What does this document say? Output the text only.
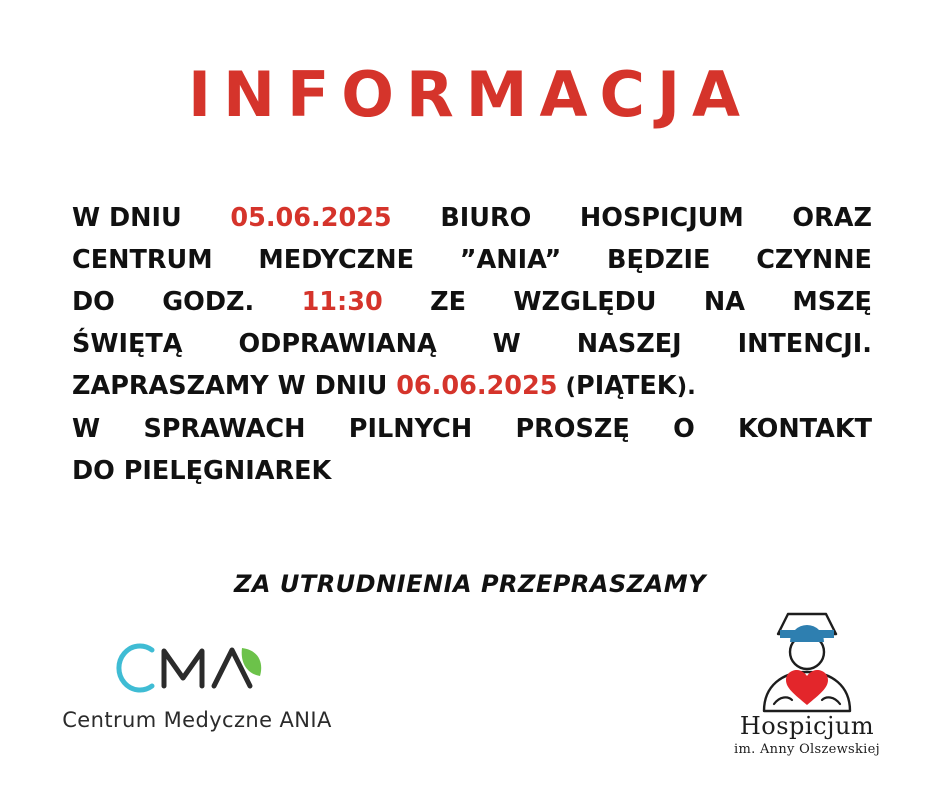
INFORMACJA
W DNIU 05.06.2025 BIURO HOSPICJUM ORAZ
CENTRUM MEDYCZNE ”ANIA” BĘDZIE CZYNNE
DO GODZ. 11:30 ZE WZGLĘDU NA MSZĘ
ŚWIĘTĄ ODPRAWIANĄ W NASZEJ INTENCJI.
ZAPRASZAMY W DNIU 06.06.2025 (PIĄTEK).
W SPRAWACH PILNYCH PROSZĘ O KONTAKT
DO PIELĘGNIAREK
ZA UTRUDNIENIA PRZEPRASZAMY
Centrum Medyczne ANIA	Hospicjum
im. Anny Olszewskiej
